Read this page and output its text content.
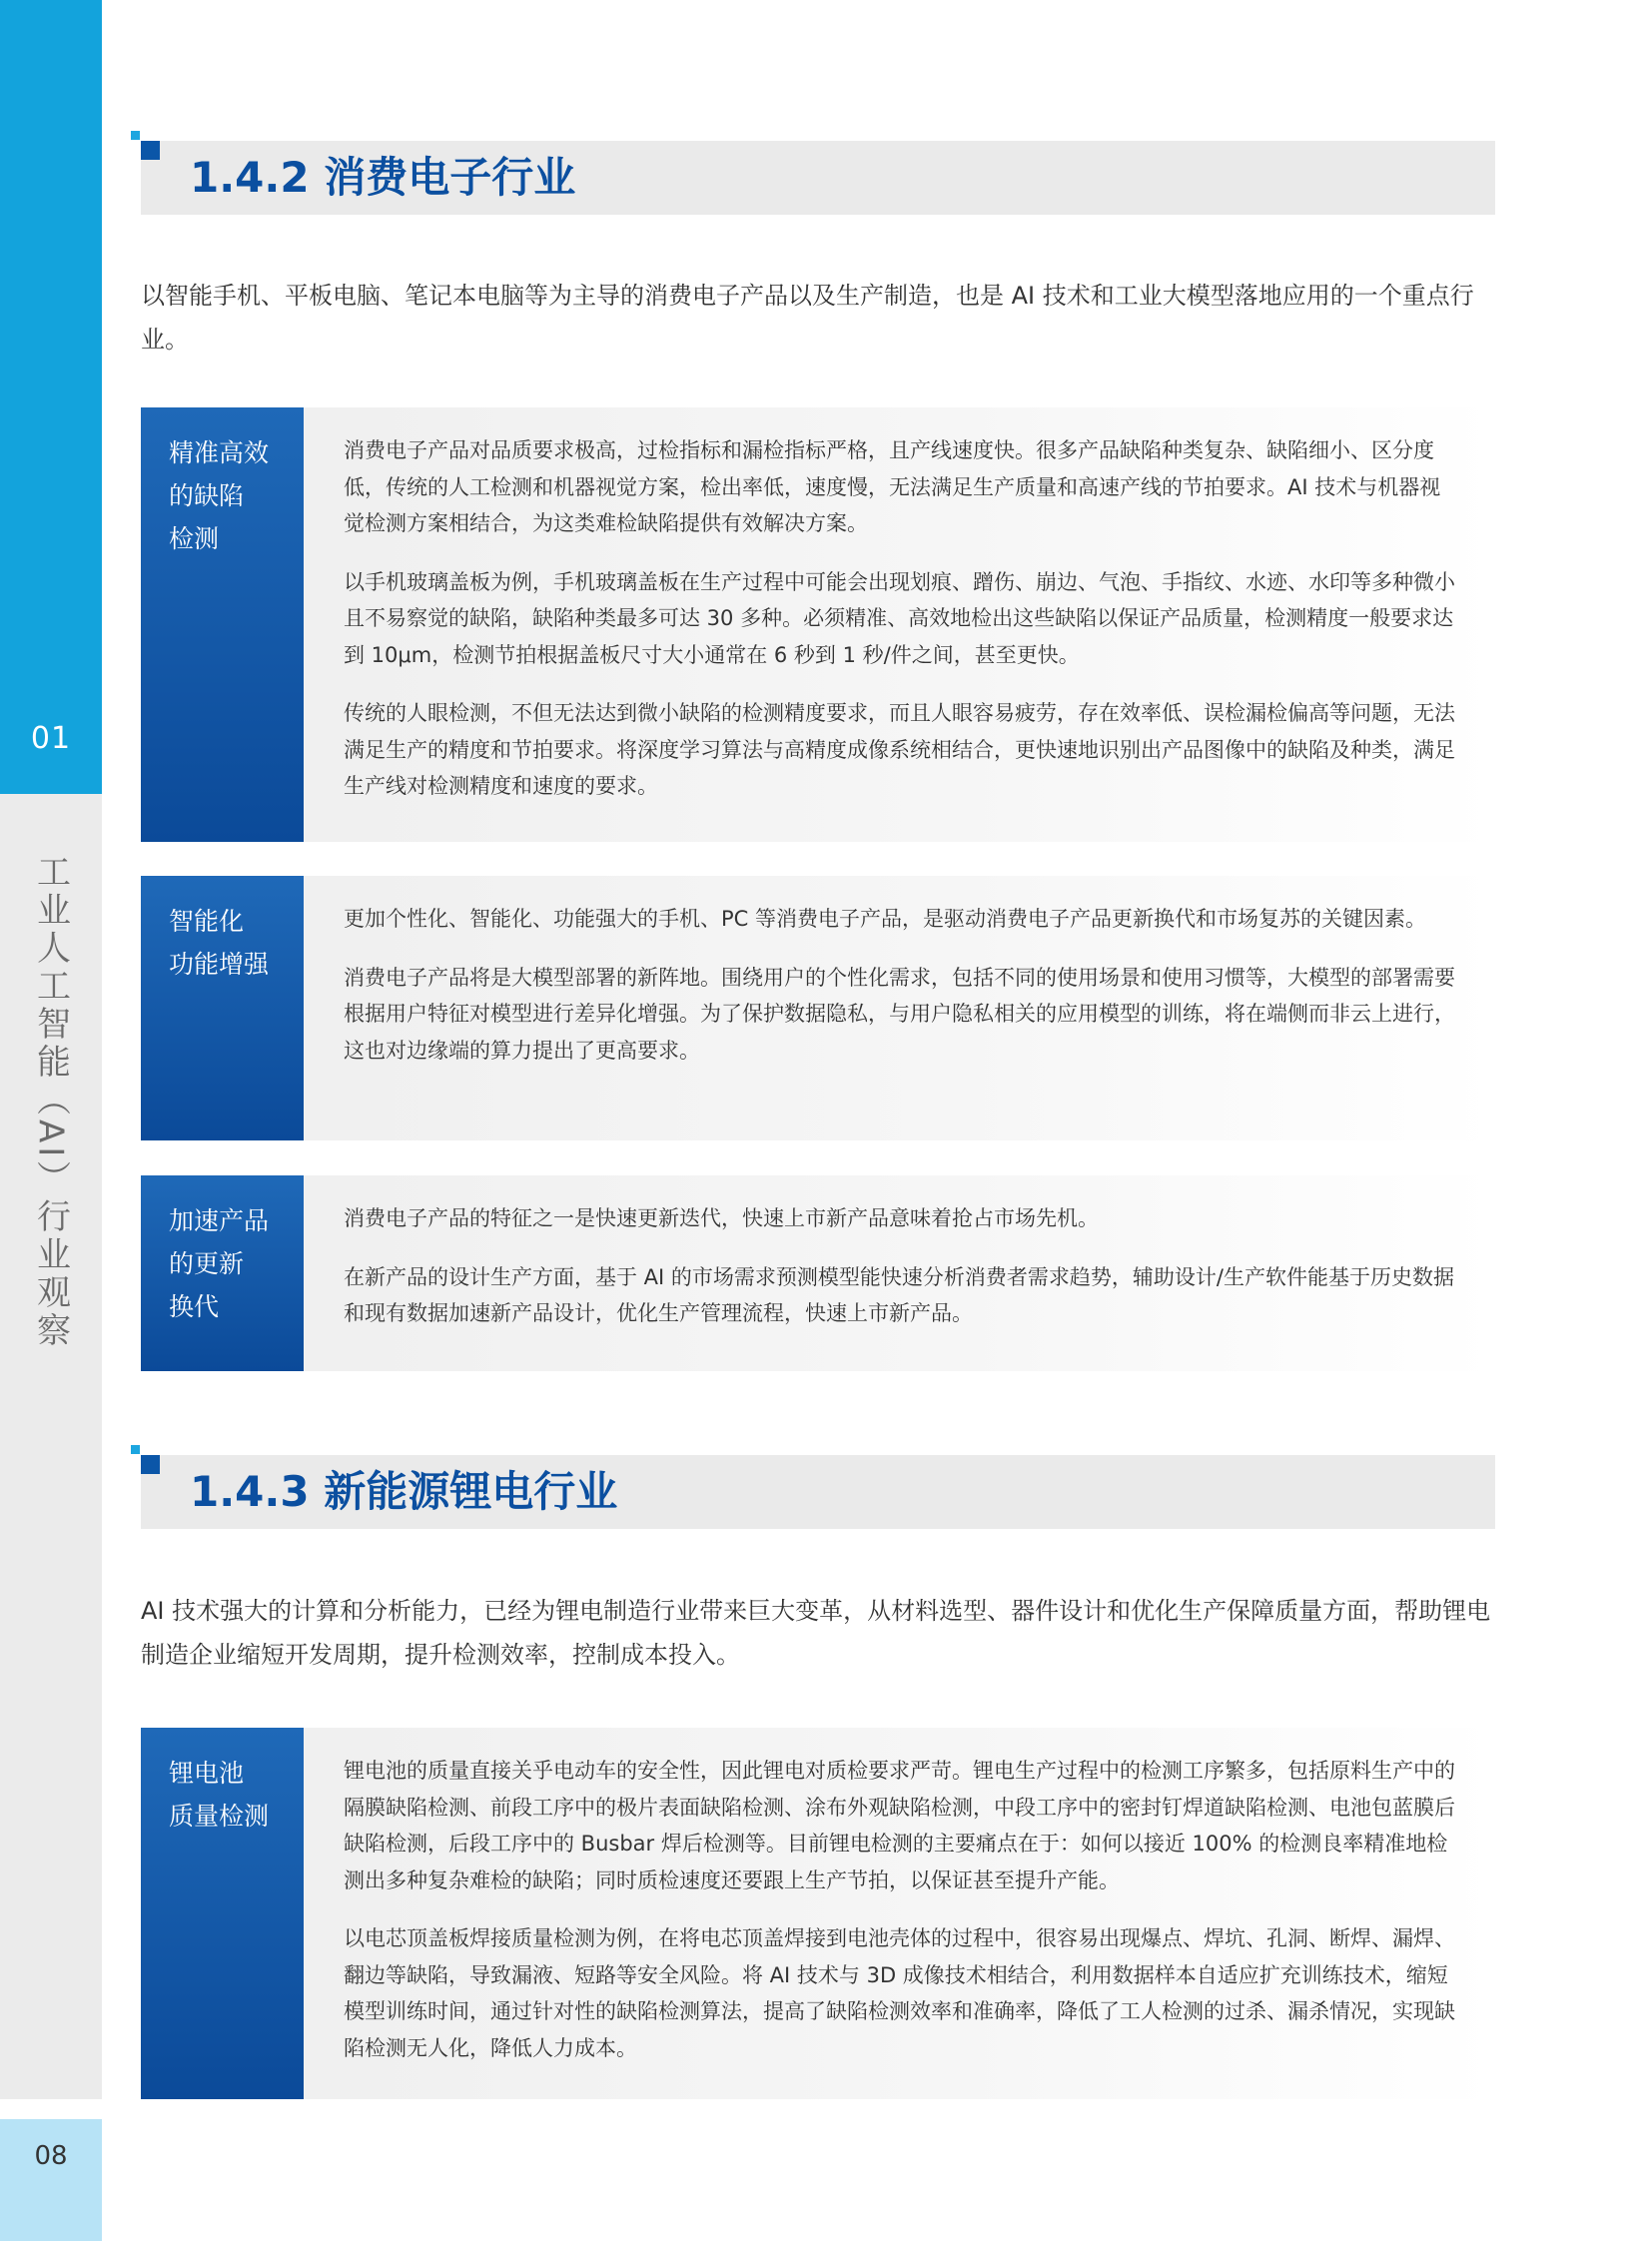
01
工业人工智能（AI）行业观察
08
1.4.2 消费电子行业
以智能手机、平板电脑、笔记本电脑等为主导的消费电子产品以及生产制造，也是 AI 技术和工业大模型落地应用的一个重点行业。
精准高效
的缺陷
检测

消费电子产品对品质要求极高，过检指标和漏检指标严格，且产线速度快。很多产品缺陷种类复杂、缺陷细小、区分度低，传统的人工检测和机器视觉方案，检出率低，速度慢，无法满足生产质量和高速产线的节拍要求。AI 技术与机器视觉检测方案相结合，为这类难检缺陷提供有效解决方案。

以手机玻璃盖板为例，手机玻璃盖板在生产过程中可能会出现划痕、蹭伤、崩边、气泡、手指纹、水迹、水印等多种微小且不易察觉的缺陷，缺陷种类最多可达 30 多种。必须精准、高效地检出这些缺陷以保证产品质量，检测精度一般要求达到 10μm，检测节拍根据盖板尺寸大小通常在 6 秒到 1 秒/件之间，甚至更快。

传统的人眼检测，不但无法达到微小缺陷的检测精度要求，而且人眼容易疲劳，存在效率低、误检漏检偏高等问题，无法满足生产的精度和节拍要求。将深度学习算法与高精度成像系统相结合，更快速地识别出产品图像中的缺陷及种类，满足生产线对检测精度和速度的要求。

智能化
功能增强

更加个性化、智能化、功能强大的手机、PC 等消费电子产品，是驱动消费电子产品更新换代和市场复苏的关键因素。

消费电子产品将是大模型部署的新阵地。围绕用户的个性化需求，包括不同的使用场景和使用习惯等，大模型的部署需要根据用户特征对模型进行差异化增强。为了保护数据隐私，与用户隐私相关的应用模型的训练，将在端侧而非云上进行，这也对边缘端的算力提出了更高要求。

加速产品
的更新
换代

消费电子产品的特征之一是快速更新迭代，快速上市新产品意味着抢占市场先机。

在新产品的设计生产方面，基于 AI 的市场需求预测模型能快速分析消费者需求趋势，辅助设计/生产软件能基于历史数据和现有数据加速新产品设计，优化生产管理流程，快速上市新产品。

1.4.3 新能源锂电行业
AI 技术强大的计算和分析能力，已经为锂电制造行业带来巨大变革，从材料选型、器件设计和优化生产保障质量方面，帮助锂电制造企业缩短开发周期，提升检测效率，控制成本投入。
锂电池
质量检测

锂电池的质量直接关乎电动车的安全性，因此锂电对质检要求严苛。锂电生产过程中的检测工序繁多，包括原料生产中的隔膜缺陷检测、前段工序中的极片表面缺陷检测、涂布外观缺陷检测，中段工序中的密封钉焊道缺陷检测、电池包蓝膜后缺陷检测，后段工序中的 Busbar 焊后检测等。目前锂电检测的主要痛点在于：如何以接近 100% 的检测良率精准地检测出多种复杂难检的缺陷；同时质检速度还要跟上生产节拍，以保证甚至提升产能。

以电芯顶盖板焊接质量检测为例，在将电芯顶盖焊接到电池壳体的过程中，很容易出现爆点、焊坑、孔洞、断焊、漏焊、翻边等缺陷，导致漏液、短路等安全风险。将 AI 技术与 3D 成像技术相结合，利用数据样本自适应扩充训练技术，缩短模型训练时间，通过针对性的缺陷检测算法，提高了缺陷检测效率和准确率，降低了工人检测的过杀、漏杀情况，实现缺陷检测无人化，降低人力成本。
